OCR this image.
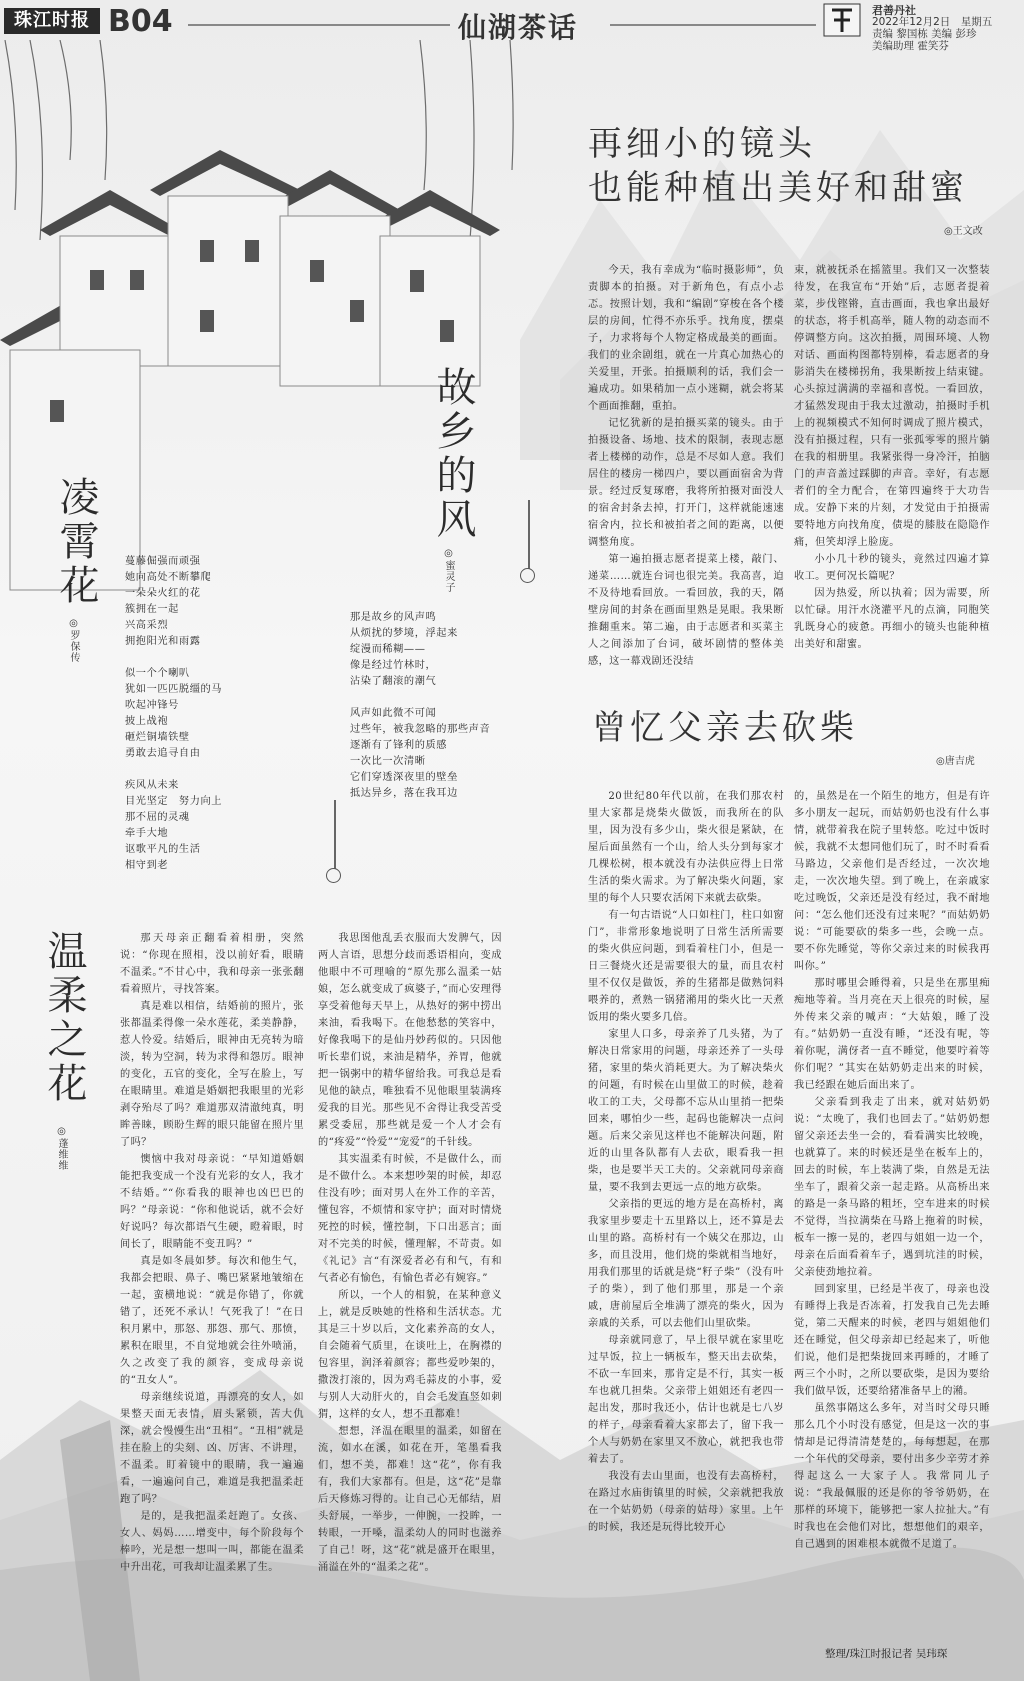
珠江时报 B04	仙湖茶话
君善丹社
2022年12月2日　星期五
责编 黎国栋 美编 彭珍
美编助理 霍笑芬
再细小的镜头
也能种植出美好和甜蜜
◎王文改

今天，我有幸成为“临时摄影师”，负责脚本的拍摄。对于新角色，有点小忐忑。按照计划，我和“编剧”穿梭在各个楼层的房间，忙得不亦乐乎。找角度，摆桌子，力求将每个人物定格成最美的画面。我们的业余剧组，就在一片真心加热心的关爱里，开张。拍摄顺利的话，我们会一遍成功。如果稍加一点小迷糊，就会将某个画面推翻，重拍。

记忆犹新的是拍摄买菜的镜头。由于拍摄设备、场地、技术的限制，表现志愿者上楼梯的动作，总是不尽如人意。我们居住的楼房一梯四户，要以画面宿舍为背景。经过反复琢磨，我将所拍摄对面没人的宿舍封条去掉，打开门，这样就能速速宿舍内，拉长和被拍者之间的距离，以便调整角度。

第一遍拍摄志愿者提菜上楼，敲门、递菜……就连台词也很完美。我高喜，迫不及待地看回放。一看回放，我的天，隔壁房间的封条在画面里熟是晃眼。我果断推翻重来。第二遍，由于志愿者和买菜主人之间添加了台词，破坏剧情的整体美感，这一幕戏剧还没结

束，就被抚杀在摇篮里。我们又一次整装待发，在我宣布“开始”后，志愿者提着菜，步伐铿锵，直击画面，我也拿出最好的状态，将手机高举，随人物的动态而不停调整方向。这次拍摄，周围环境、人物对话、画面构图都特别棒，看志愿者的身影消失在楼梯拐角，我果断按上结束键。心头掠过满满的幸福和喜悦。一看回放，才猛然发现由于我太过激动，拍摄时手机上的视频模式不知何时调成了照片模式，没有拍摄过程，只有一张孤零零的照片躺在我的相册里。我紧张得一身冷汗，拍脑门的声音盖过踩脚的声音。幸好，有志愿者们的全力配合，在第四遍终于大功告成。安静下来的片刻，才发觉由于拍摄需要特地方向找角度，债堤的膝肢在隐隐作痛，但笑却浮上脸庞。

小小几十秒的镜头，竟然过四遍才算收工。更何况长篇呢？

因为热爱，所以执着；因为需要，所以忙碌。用汗水浇灌平凡的点滴，同胞笑乳既身心的疲惫。再细小的镜头也能种植出美好和甜蜜。

曾忆父亲去砍柴
◎唐吉虎

20世纪80年代以前，在我们那农村里大家都是烧柴火做饭，而我所在的队里，因为没有多少山，柴火很是紧缺，在屋后面虽然有一个山，给人头分到每家才几棵松树，根本就没有办法供应得上日常生活的柴火需求。为了解决柴火问题，家里的每个人只要农活闲下来就去砍柴。

有一句古语说“人口如柱门，柱口如窗门”，非常形象地说明了日常生活所需要的柴火供应问题，到看着柱门小，但是一日三餐烧火还是需要很大的量，而且农村里不仅仅是做饭，养的生猪都是做熟饲料喂养的，煮熟一锅猪潲用的柴火比一天煮饭用的柴火要多几倍。

家里人口多，母亲养了几头猪，为了解决日常家用的问题，母亲还养了一头母猪，家里的柴火消耗更大。为了解决柴火的问题，有时候在山里做工的时候，趁着收工的工夫，父母都不忘从山里捎一把柴回来，哪怕少一些，起码也能解决一点问题。后来父亲见这样也不能解决问题，附近的山里各队都有人去砍，眼看我一担柴，也是要半天工夫的。父亲就同母亲商量，要不我到去更远一点的地方砍柴。

父亲指的更远的地方是在高桥村，离我家里步要走十五里路以上，还不算是去山里的路。高桥村有一个姨父在那边，山多，而且没用，他们烧的柴就相当地好，用我们那里的话就是烧“籽子柴”（没有叶子的柴），到了他们那里，那是一个亲戚，唐前屋后全堆满了漂亮的柴火，因为亲戚的关系，可以去他们山里砍柴。

母亲就同意了，早上很早就在家里吃过早饭，拉上一辆板车，整天出去砍柴，不砍一车回来，那肯定是不行，其实一板车也就几担柴。父亲带上姐姐还有老四一起出发，那时我还小，估计也就是七八岁的样子，母亲看着大家都去了，留下我一个人与奶奶在家里又不放心，就把我也带着去了。

我没有去山里面，也没有去高桥村，在路过水庙街镇里的时候，父亲就把我放在一个姑奶奶（母亲的姑母）家里。上午的时候，我还是玩得比较开心

的，虽然是在一个陌生的地方，但是有许多小朋友一起玩，而姑奶奶也没有什么事情，就带着我在院子里转悠。吃过中饭时候，我就不太想同他们玩了，时不时看看马路边，父亲他们是否经过，一次次地走，一次次地失望。到了晚上，在亲戚家吃过晚饭，父亲还是没有经过，我不耐地问：“怎么他们还没有过来呢？”而姑奶奶说：“可能要砍的柴多一些，会晚一点。要不你先睡觉，等你父亲过来的时候我再叫你。”

那时哪里会睡得着，只是坐在那里痴痴地等着。当月亮在天上很亮的时候，屋外传来父亲的喊声：“大姑娘，睡了没有。”姑奶奶一直没有睡，“还没有呢，等着你呢，满伢者一直不睡觉，他要咛着等你们呢？”其实在姑奶奶走出来的时候，我已经跟在她后面出来了。

父亲看到我走了出来，就对姑奶奶说：“太晚了，我们也回去了。”姑奶奶想留父亲还去坐一会的，看看满实比较晚，也就算了。来的时候还是坐在板车上的，回去的时候，车上装满了柴，自然是无法坐车了，跟着父亲一起走路。从高桥出来的路是一条马路的粗坯，空车进来的时候不觉得，当拉满柴在马路上拖着的时候，板车一擦一晃的，老四与姐姐一边一个，母亲在后面看着车子，遇到坑洼的时候，父亲使劲地拉着。

回到家里，已经是半夜了，母亲也没有睡得上我是否冻着，打发我自己先去睡觉，第二天醒来的时候，老四与姐姐他们还在睡觉，但父母亲却已经起来了，听他们说，他们是把柴拢回来再睡的，才睡了两三个小时，之所以要砍柴，是因为要给我们做早饭，还要给猪准备早上的潲。

虽然事隔这么多年，对当时父母只睡那么几个小时没有感觉，但是这一次的事情却是记得清清楚楚的，每每想起，在那一个年代的父母亲，要付出多少辛劳才养得起这么一大家子人。我常同儿子说：“我最佩服的还是你的爷爷奶奶，在那样的环境下，能够把一家人拉扯大。”有时我也在会他们对比，想想他们的艰辛，自己遇到的困难根本就微不足道了。

故乡的风
◎蜜灵子
那是故乡的风声鸣
从烦扰的梦境，浮起来
绽漫而稀糊——
像是经过竹林时，
沾染了翻滚的潮气
风声如此微不可闻
过些年，被我忽略的那些声音
逐渐有了锋利的质感
一次比一次清晰
它们穿透深夜里的壁垒
抵达异乡，落在我耳边
凌霄花
◎罗保传
蔓藤倔强而顽强
她向高处不断攀爬
一朵朵火红的花
簇拥在一起
兴高采烈
拥抱阳光和雨露
似一个个喇叭
犹如一匹匹脱缰的马
吹起冲锋号
披上战袍
砸烂铜墙铁壁
勇敢去追寻自由
疾风从未来
目光坚定　努力向上
那不屈的灵魂
牵手大地
讴歌平凡的生活
相守到老
温柔之花
◎蓬维维

那天母亲正翻看着相册，突然说：“你现在照相，没以前好看，眼睛不温柔。”不甘心中，我和母亲一张张翻看着照片，寻找答案。

真是难以相信，结婚前的照片，张张都温柔得像一朵水莲花，柔美静静，惹人怜爱。结婚后，眼神由无亮转为暗淡，转为空洞，转为求得和怨厉。眼神的变化，五官的变化，全写在脸上，写在眼睛里。难道是婚姻把我眼里的光彩剥夺殆尽了吗？难道那双清澈纯真，明眸善睐，顾盼生辉的眼只能留在照片里了吗？

懊恼中我对母亲说：“早知道婚姻能把我变成一个没有光彩的女人，我才不结婚。”“你看我的眼神也凶巴巴的吗？”母亲说：“你和他说话，就不会好好说吗？每次都语气生硬，瞪着眼，时间长了，眼睛能不变丑吗？”

真是如冬晨如梦。每次和他生气，我都会把眼、鼻子、嘴巴紧紧地皱缩在一起，蛮横地说：“就是你错了，你就错了，还死不承认！气死我了！”在日积月累中，那怒、那怨、那气、那愤，累积在眼里，不自觉地就会往外喷涌，久之改变了我的颜容，变成母亲说的“丑女人”。

母亲继续说道，再漂亮的女人，如果整天面无表情，眉头紧锁，苦大仇深，就会慢慢生出“丑相”。“丑相”就是挂在脸上的尖刻、凶、厉害、不讲理，不温柔。盯着镜中的眼睛，我一遍遍看，一遍遍问自己，难道是我把温柔赶跑了吗？

是的，是我把温柔赶跑了。女孩、女人、妈妈……增变中，每个阶段每个棒吟，光是想一想叫一叫，都能在温柔中升出花，可我却让温柔累了生。

我思图他乱丢衣服而大发脾气，因两人言语，思想分歧而悉语相向，变成他眼中不可理喻的“原先那么温柔一姑娘，怎么就变成了疯婆子，”而心安理得享受着他每天早上，从热好的粥中捞出来油，看我喝下。在他愁愁的笑容中，好像我喝下的是仙丹妙药似的。只因他听长辈们说，来油是精华，养胃，他就把一锅粥中的精华留给我。可我总是看见他的缺点，唯独看不见他眼里装满疼爱我的目光。那些见不舍得让我受苦受累受委屈，那些就是爱一个人才会有的“疼爱”“怜爱”“宠爱”的千针线。

其实温柔有时候，不是做什么，而是不做什么。本来想吵架的时候，却忍住没有吵；面对男人在外工作的辛苦，懂包容，不烦情和家守护；面对时情烧死控的时候，懂控制，下口出恶言；面对不完美的时候，懂理解，不苛责。如《礼记》言“有深爱者必有和气，有和气者必有愉色，有愉色者必有婉容。”

所以，一个人的相貌，在某种意义上，就是反映她的性格和生活状态。尤其是三十岁以后，文化素养高的女人，自会随着气质里，在谈吐上，在胸襟的包容里，润泽着颜容；都些爱吵架的，撒泼打滚的，因为鸡毛蒜皮的小事，爱与别人大动肝火的，自会毛发直竖如刺猬，这样的女人，想不丑都难！

想想，泽温在眼里的温柔，如留在流，如水在溪，如花在开，笔墨看我们，想不美，都难！这“花”，你有我有，我们大家都有。但是，这“花”是靠后天修炼习得的。让自己心无郁结，眉头舒展，一举步，一伸腕，一投眸，一转眼，一开嗓，温柔幼人的同时也滋养了自己！呀，这“花”就是盛开在眼里，涌溢在外的“温柔之花”。

整理/珠江时报记者 吴玮琛
